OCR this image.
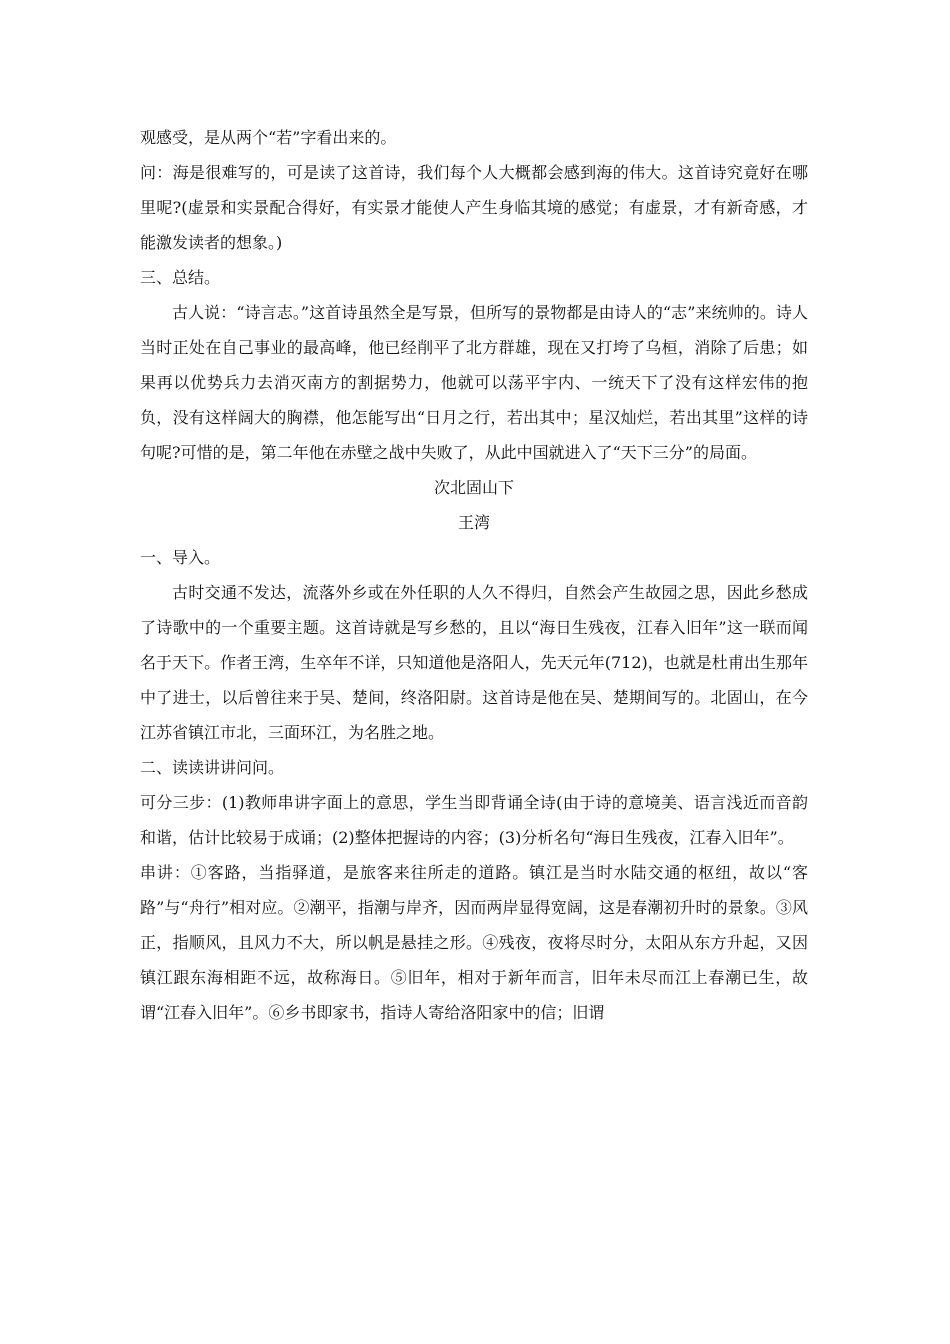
观感受，是从两个“若”字看出来的。

问：海是很难写的，可是读了这首诗，我们每个人大概都会感到海的伟大。这首诗究竟好在哪里呢?(虚景和实景配合得好，有实景才能使人产生身临其境的感觉；有虚景，才有新奇感，才能激发读者的想象。)

三、总结。

古人说：“诗言志。”这首诗虽然全是写景，但所写的景物都是由诗人的“志”来统帅的。诗人当时正处在自己事业的最高峰，他已经削平了北方群雄，现在又打垮了乌桓，消除了后患；如果再以优势兵力去消灭南方的割据势力，他就可以荡平宇内、一统天下了没有这样宏伟的抱负，没有这样阔大的胸襟，他怎能写出“日月之行，若出其中；星汉灿烂，若出其里”这样的诗句呢?可惜的是，第二年他在赤壁之战中失败了，从此中国就进入了“天下三分”的局面。

次北固山下

王湾

一、导入。

古时交通不发达，流落外乡或在外任职的人久不得归，自然会产生故园之思，因此乡愁成了诗歌中的一个重要主题。这首诗就是写乡愁的，且以“海日生残夜，江春入旧年”这一联而闻名于天下。作者王湾，生卒年不详，只知道他是洛阳人，先天元年(712)，也就是杜甫出生那年中了进士，以后曾往来于吴、楚间，终洛阳尉。这首诗是他在吴、楚期间写的。北固山，在今江苏省镇江市北，三面环江，为名胜之地。

二、读读讲讲问问。

可分三步：(1)教师串讲字面上的意思，学生当即背诵全诗(由于诗的意境美、语言浅近而音韵和谐，估计比较易于成诵；(2)整体把握诗的内容；(3)分析名句“海日生残夜，江春入旧年”。

串讲：①客路，当指驿道，是旅客来往所走的道路。镇江是当时水陆交通的枢纽，故以“客路”与“舟行”相对应。②潮平，指潮与岸齐，因而两岸显得宽阔，这是春潮初升时的景象。③风正，指顺风，且风力不大，所以帆是悬挂之形。④残夜，夜将尽时分，太阳从东方升起，又因镇江跟东海相距不远，故称海日。⑤旧年，相对于新年而言，旧年未尽而江上春潮已生，故谓“江春入旧年”。⑥乡书即家书，指诗人寄给洛阳家中的信；旧谓
